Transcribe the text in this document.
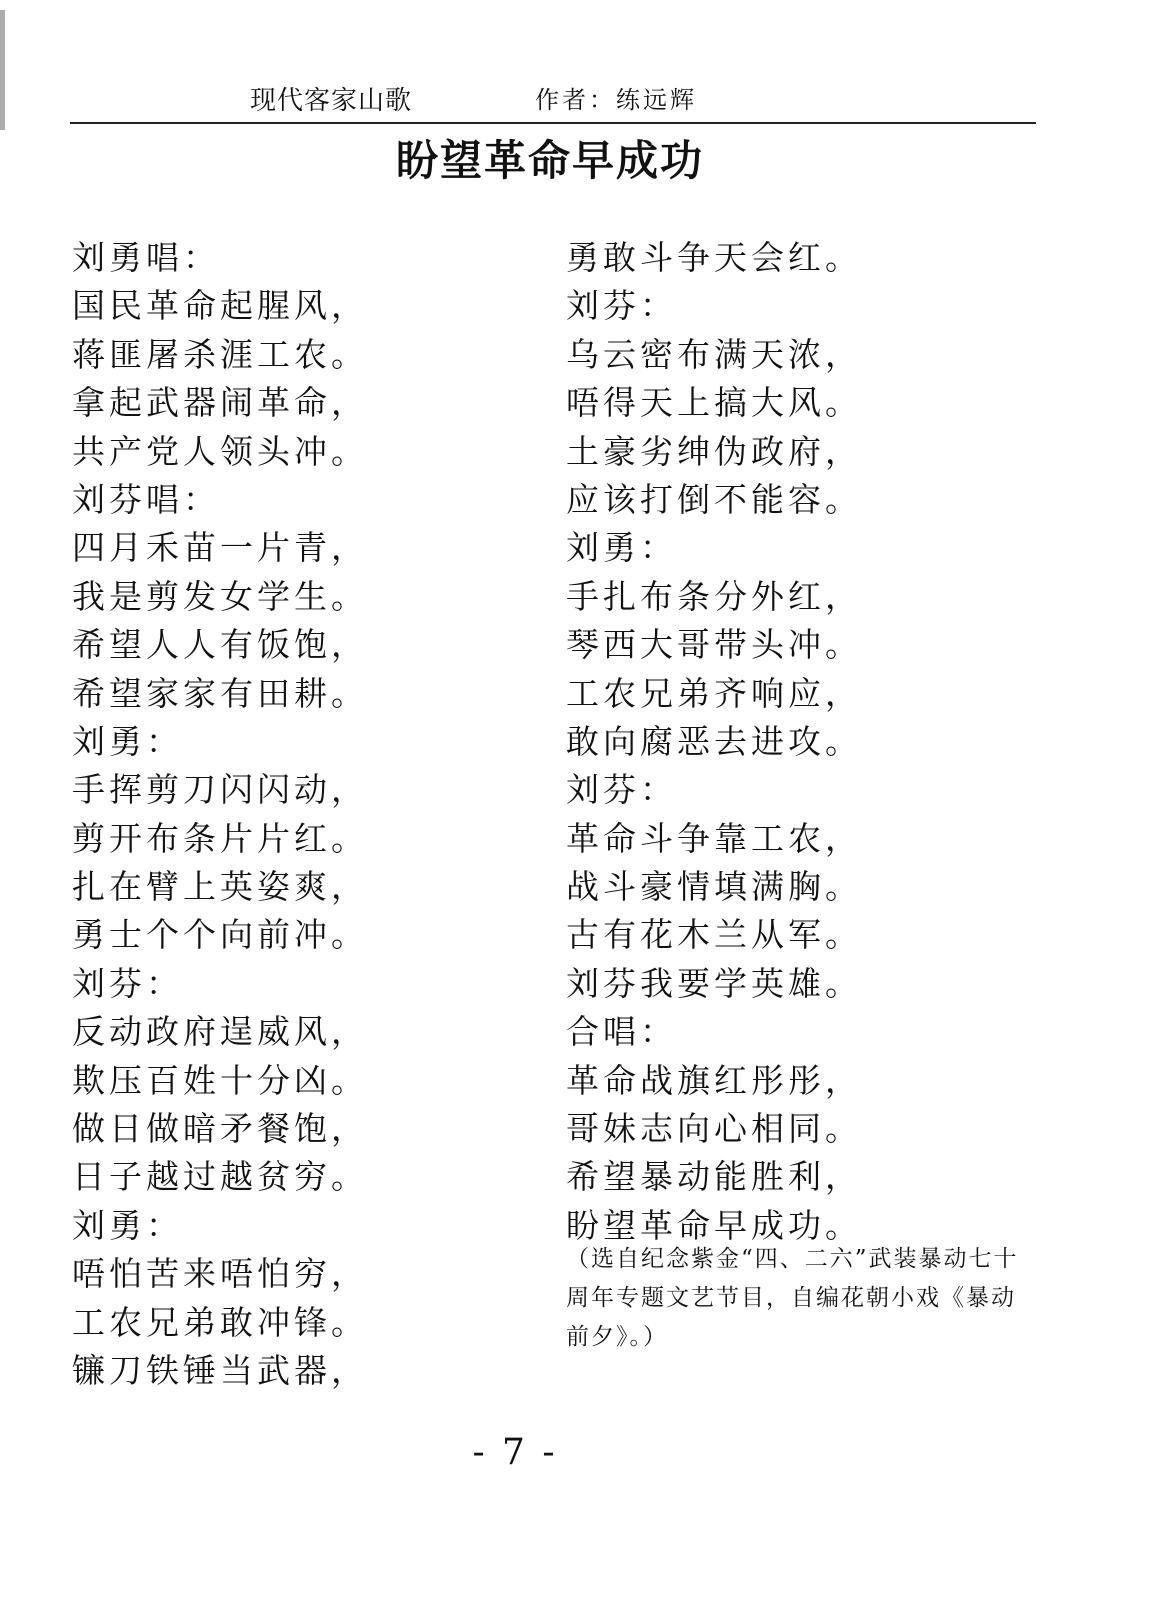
现代客家山歌	作者：练远辉
盼望革命早成功
刘勇唱：
国民革命起腥风，
蒋匪屠杀涯工农。
拿起武器闹革命，
共产党人领头冲。
刘芬唱：
四月禾苗一片青，
我是剪发女学生。
希望人人有饭饱，
希望家家有田耕。
刘勇：
手挥剪刀闪闪动，
剪开布条片片红。
扎在臂上英姿爽，
勇士个个向前冲。
刘芬：
反动政府逞威风，
欺压百姓十分凶。
做日做暗矛餐饱，
日子越过越贫穷。
刘勇：
唔怕苦来唔怕穷，
工农兄弟敢冲锋。
镰刀铁锤当武器，
勇敢斗争天会红。
刘芬：
乌云密布满天浓，
唔得天上搞大风。
土豪劣绅伪政府，
应该打倒不能容。
刘勇：
手扎布条分外红，
琴西大哥带头冲。
工农兄弟齐响应，
敢向腐恶去进攻。
刘芬：
革命斗争靠工农，
战斗豪情填满胸。
古有花木兰从军。
刘芬我要学英雄。
合唱：
革命战旗红彤彤，
哥妹志向心相同。
希望暴动能胜利，
盼望革命早成功。

（选自纪念紫金“四、二六”武装暴动七十周年专题文艺节目，自编花朝小戏《暴动前夕》。）

- 7 -
